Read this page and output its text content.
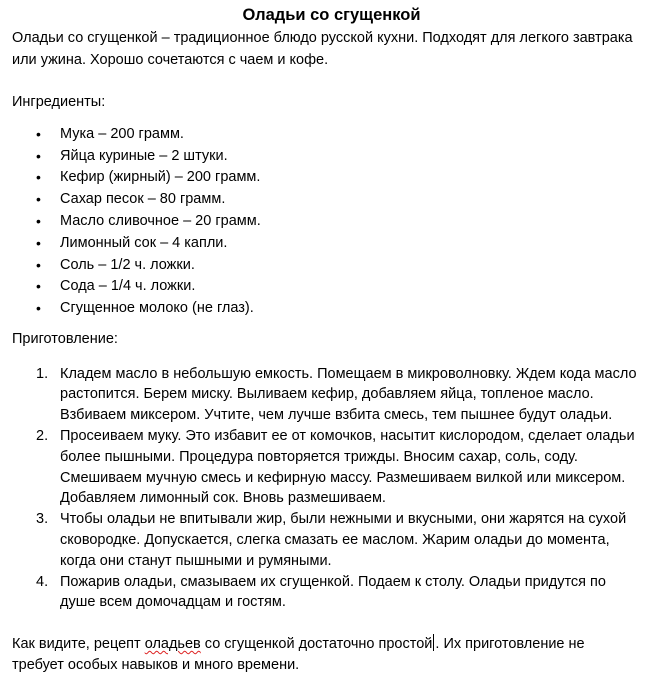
Оладьи со сгущенкой

Оладьи со сгущенкой – традиционное блюдо русской кухни. Подходят для легкого завтрака или ужина. Хорошо сочетаются с чаем и кофе.

Ингредиенты:

• Мука – 200 грамм.
• Яйца куриные – 2 штуки.
• Кефир (жирный) – 200 грамм.
• Сахар песок – 80 грамм.
• Масло сливочное – 20 грамм.
• Лимонный сок – 4 капли.
• Соль – 1/2 ч. ложки.
• Сода – 1/4 ч. ложки.
• Сгущенное молоко (не глаз).

Приготовление:

1. Кладем масло в небольшую емкость. Помещаем в микроволновку. Ждем кода масло растопится. Берем миску. Выливаем кефир, добавляем яйца, топленое масло. Взбиваем миксером. Учтите, чем лучше взбита смесь, тем пышнее будут оладьи.
2. Просеиваем муку. Это избавит ее от комочков, насытит кислородом, сделает оладьи более пышными. Процедура повторяется трижды. Вносим сахар, соль, соду. Смешиваем мучную смесь и кефирную массу. Размешиваем вилкой или миксером. Добавляем лимонный сок. Вновь размешиваем.
3. Чтобы оладьи не впитывали жир, были нежными и вкусными, они жарятся на сухой сковородке. Допускается, слегка смазать ее маслом. Жарим оладьи до момента, когда они станут пышными и румяными.
4. Пожарив оладьи, смазываем их сгущенкой. Подаем к столу. Оладьи придутся по душе всем домочадцам и гостям.

Как видите, рецепт оладьев со сгущенкой достаточно простой . Их приготовление не требует особых навыков и много времени.
